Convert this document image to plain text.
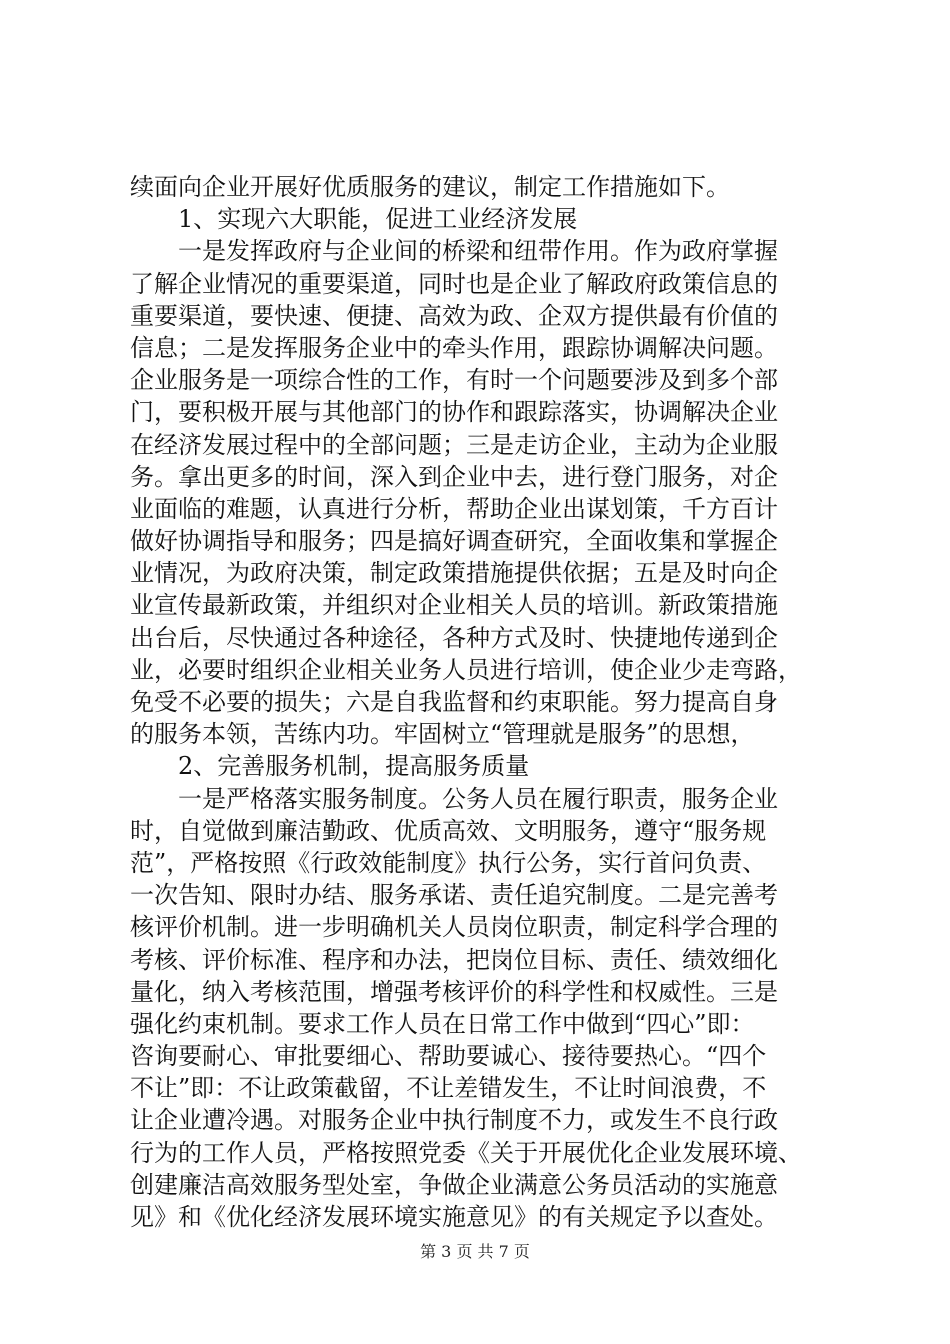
续面向企业开展好优质服务的建议，制定工作措施如下。
1、实现六大职能，促进工业经济发展
一是发挥政府与企业间的桥梁和纽带作用。作为政府掌握
了解企业情况的重要渠道，同时也是企业了解政府政策信息的
重要渠道，要快速、便捷、高效为政、企双方提供最有价值的
信息；二是发挥服务企业中的牵头作用，跟踪协调解决问题。
企业服务是一项综合性的工作，有时一个问题要涉及到多个部
门，要积极开展与其他部门的协作和跟踪落实，协调解决企业
在经济发展过程中的全部问题；三是走访企业，主动为企业服
务。拿出更多的时间，深入到企业中去，进行登门服务，对企
业面临的难题，认真进行分析，帮助企业出谋划策，千方百计
做好协调指导和服务；四是搞好调查研究，全面收集和掌握企
业情况，为政府决策，制定政策措施提供依据；五是及时向企
业宣传最新政策，并组织对企业相关人员的培训。新政策措施
出台后，尽快通过各种途径，各种方式及时、快捷地传递到企
业，必要时组织企业相关业务人员进行培训，使企业少走弯路，
免受不必要的损失；六是自我监督和约束职能。努力提高自身
的服务本领，苦练内功。牢固树立“管理就是服务”的思想，
2、完善服务机制，提高服务质量
一是严格落实服务制度。公务人员在履行职责，服务企业
时，自觉做到廉洁勤政、优质高效、文明服务，遵守“服务规
范”，严格按照《行政效能制度》执行公务，实行首问负责、
一次告知、限时办结、服务承诺、责任追究制度。二是完善考
核评价机制。进一步明确机关人员岗位职责，制定科学合理的
考核、评价标准、程序和办法，把岗位目标、责任、绩效细化
量化，纳入考核范围，增强考核评价的科学性和权威性。三是
强化约束机制。要求工作人员在日常工作中做到“四心”即：
咨询要耐心、审批要细心、帮助要诚心、接待要热心。“四个
不让”即：不让政策截留，不让差错发生，不让时间浪费，不
让企业遭冷遇。对服务企业中执行制度不力，或发生不良行政
行为的工作人员，严格按照党委《关于开展优化企业发展环境、
创建廉洁高效服务型处室，争做企业满意公务员活动的实施意
见》和《优化经济发展环境实施意见》的有关规定予以查处。
第 3 页 共 7 页
